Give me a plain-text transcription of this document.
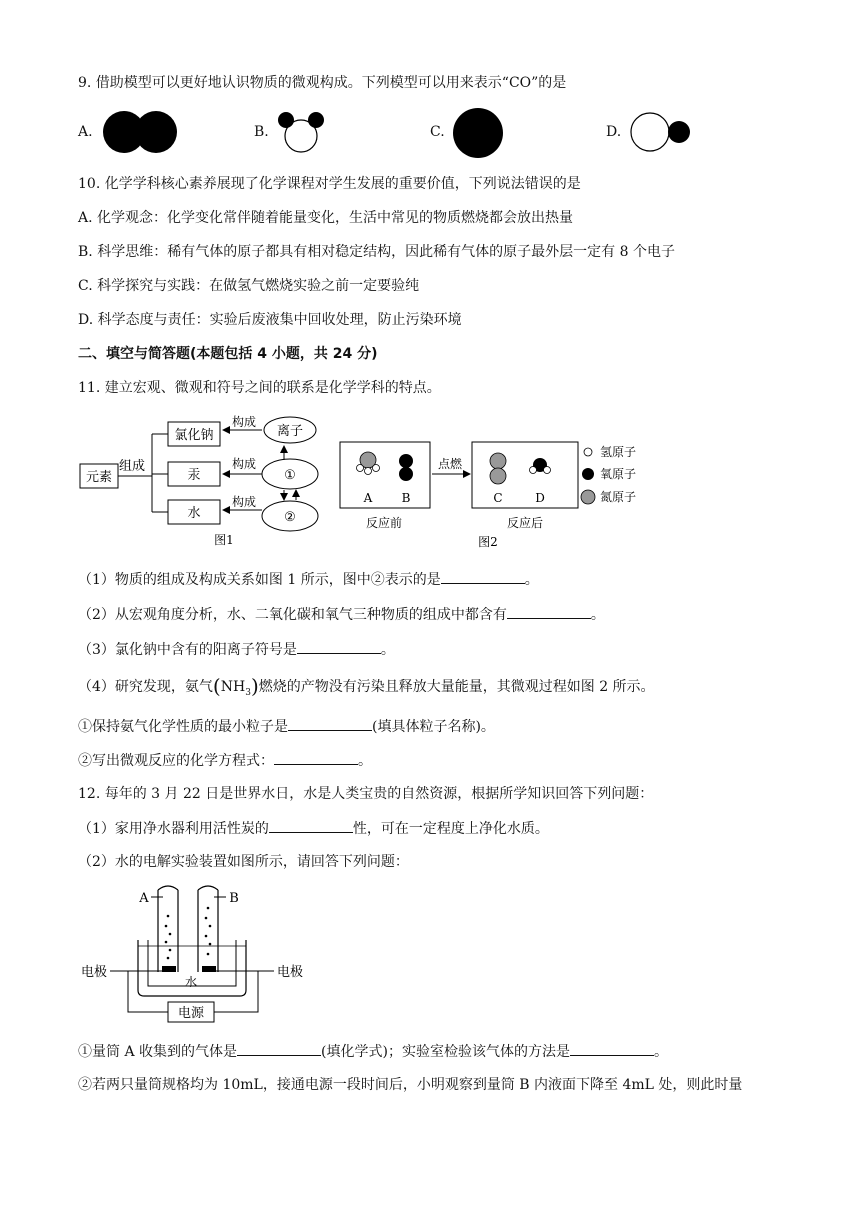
9. 借助模型可以更好地认识物质的微观构成。下列模型可以用来表示“CO”的是
A.	B.	C.	D.
10. 化学学科核心素养展现了化学课程对学生发展的重要价值，下列说法错误的是
A. 化学观念：化学变化常伴随着能量变化，生活中常见的物质燃烧都会放出热量
B. 科学思维：稀有气体的原子都具有相对稳定结构，因此稀有气体的原子最外层一定有 8 个电子
C. 科学探究与实践：在做氢气燃烧实验之前一定要验纯
D. 科学态度与责任：实验后废液集中回收处理，防止污染环境
二、填空与简答题(本题包括 4 小题，共 24 分)
11. 建立宏观、微观和符号之间的联系是化学学科的特点。
元素
组成
氯化钠
汞
水
构成
构成
构成
离子
①
②
图1
A B
点燃
C	D
氢原子
氧原子
氮原子
反应前	反应后
图2
（1）物质的组成及构成关系如图 1 所示，图中②表示的是	。
（2）从宏观角度分析，水、二氧化碳和氧气三种物质的组成中都含有	。
（3）氯化钠中含有的阳离子符号是	。
（4）研究发现，氨气$(NH_3)$燃烧的产物没有污染且释放大量能量，其微观过程如图 2 所示。
①保持氨气化学性质的最小粒子是	(填具体粒子名称)。
②写出微观反应的化学方程式：	。
12. 每年的 3 月 22 日是世界水日，水是人类宝贵的自然资源，根据所学知识回答下列问题：
（1）家用净水器利用活性炭的	性，可在一定程度上净化水质。
（2）水的电解实验装置如图所示，请回答下列问题：
A	B
水
电极	电极
电源
①量筒 A 收集到的气体是	(填化学式)；实验室检验该气体的方法是	。
②若两只量筒规格均为 10mL，接通电源一段时间后，小明观察到量筒 B 内液面下降至 4mL 处，则此时量
